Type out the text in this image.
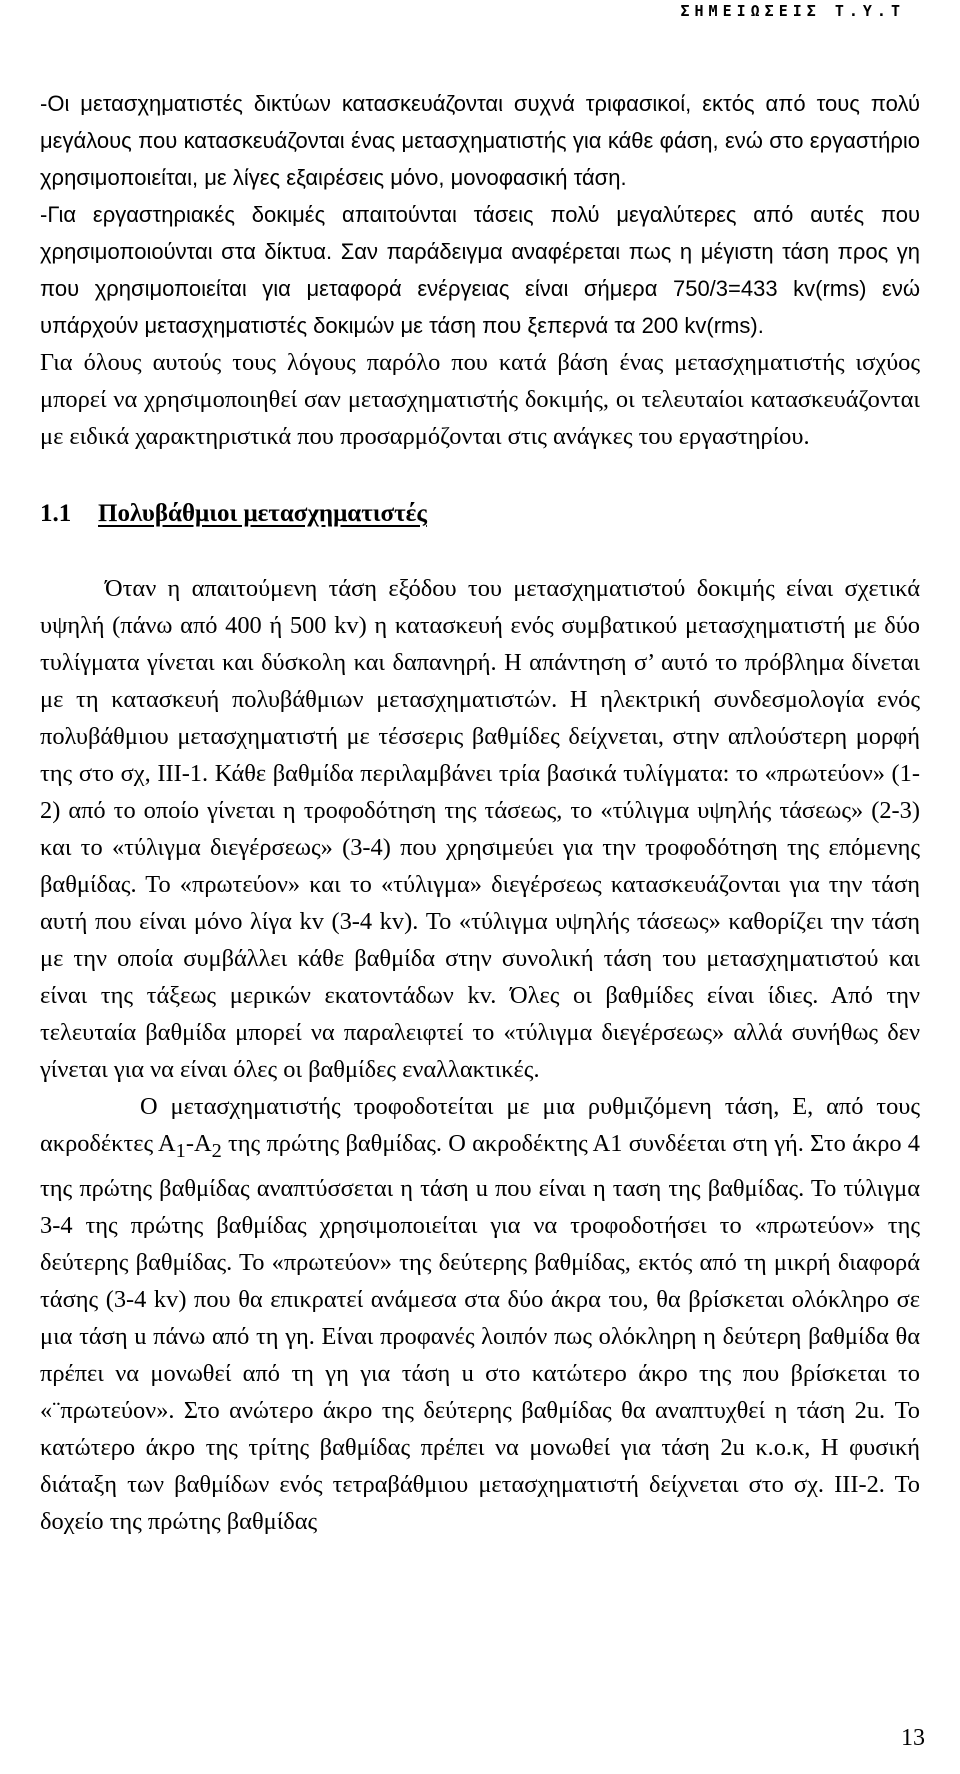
ΣΗΜΕΙΩΣΕΙΣ Τ.Υ.Τ

-Οι μετασχηματιστές δικτύων κατασκευάζονται συχνά τριφασικοί, εκτός από τους πολύ μεγάλους που κατασκευάζονται ένας μετασχηματιστής για κάθε φάση, ενώ στο εργαστήριο χρησιμοποιείται, με λίγες εξαιρέσεις μόνο, μονοφασική τάση.

-Για εργαστηριακές δοκιμές απαιτούνται τάσεις πολύ μεγαλύτερες από αυτές που χρησιμοποιούνται στα δίκτυα. Σαν παράδειγμα αναφέρεται πως η μέγιστη τάση προς γη που χρησιμοποιείται για μεταφορά ενέργειας είναι σήμερα 750/3=433 kv(rms) ενώ υπάρχούν μετασχηματιστές δοκιμών με τάση που ξεπερνά τα 200 kv(rms).

Για όλους αυτούς τους λόγους παρόλο που κατά βάση ένας μετασχηματιστής ισχύος μπορεί να χρησιμοποιηθεί σαν μετασχηματιστής δοκιμής, οι τελευταίοι κατασκευάζονται με ειδικά χαρακτηριστικά που προσαρμόζονται στις ανάγκες του εργαστηρίου.

1.1 Πολυβάθμιοι μετασχηματιστές

Όταν η απαιτούμενη τάση εξόδου του μετασχηματιστού δοκιμής είναι σχετικά υψηλή (πάνω από 400 ή 500 kv) η κατασκευή ενός συμβατικού μετασχηματιστή με δύο τυλίγματα γίνεται και δύσκολη και δαπανηρή. Η απάντηση σ’ αυτό το πρόβλημα δίνεται με τη κατασκευή πολυβάθμιων μετασχηματιστών. Η ηλεκτρική συνδεσμολογία ενός πολυβάθμιου μετασχηματιστή με τέσσερις βαθμίδες δείχνεται, στην απλούστερη μορφή της στο σχ, ΙΙΙ-1. Κάθε βαθμίδα περιλαμβάνει τρία βασικά τυλίγματα: το «πρωτεύον» (1-2) από το οποίο γίνεται η τροφοδότηση της τάσεως, το «τύλιγμα υψηλής τάσεως» (2-3) και το «τύλιγμα διεγέρσεως» (3-4) που χρησιμεύει για την τροφοδότηση της επόμενης βαθμίδας. Το «πρωτεύον» και το «τύλιγμα» διεγέρσεως κατασκευάζονται για την τάση αυτή που είναι μόνο λίγα kv (3-4 kv). Το «τύλιγμα υψηλής τάσεως» καθορίζει την τάση με την οποία συμβάλλει κάθε βαθμίδα στην συνολική τάση του μετασχηματιστού και είναι της τάξεως μερικών εκατοντάδων kv. Όλες οι βαθμίδες είναι ίδιες. Από την τελευταία βαθμίδα μπορεί να παραλειφτεί το «τύλιγμα διεγέρσεως» αλλά συνήθως δεν γίνεται για να είναι όλες οι βαθμίδες εναλλακτικές.

Ο μετασχηματιστής τροφοδοτείται με μια ρυθμιζόμενη τάση, Ε, από τους ακροδέκτες $A_1-A_2$ της πρώτης βαθμίδας. Ο ακροδέκτης Α1 συνδέεται στη γή. Στο άκρο 4 της πρώτης βαθμίδας αναπτύσσεται η τάση u που είναι η ταση της βαθμίδας. Το τύλιγμα 3-4 της πρώτης βαθμίδας χρησιμοποιείται για να τροφοδοτήσει το «πρωτεύον» της δεύτερης βαθμίδας. Το «πρωτεύον» της δεύτερης βαθμίδας, εκτός από τη μικρή διαφορά τάσης (3-4 kv) που θα επικρατεί ανάμεσα στα δύο άκρα του, θα βρίσκεται ολόκληρο σε μια τάση u πάνω από τη γη. Είναι προφανές λοιπόν πως ολόκληρη η δεύτερη βαθμίδα θα πρέπει να μονωθεί από τη γη για τάση u στο κατώτερο άκρο της που βρίσκεται το «¨πρωτεύον». Στο ανώτερο άκρο της δεύτερης βαθμίδας θα αναπτυχθεί η τάση 2u. Το κατώτερο άκρο της τρίτης βαθμίδας πρέπει να μονωθεί για τάση 2u κ.ο.κ, Η φυσική διάταξη των βαθμίδων ενός τετραβάθμιου μετασχηματιστή δείχνεται στο σχ. ΙΙΙ-2. Το δοχείο της πρώτης βαθμίδας

13
